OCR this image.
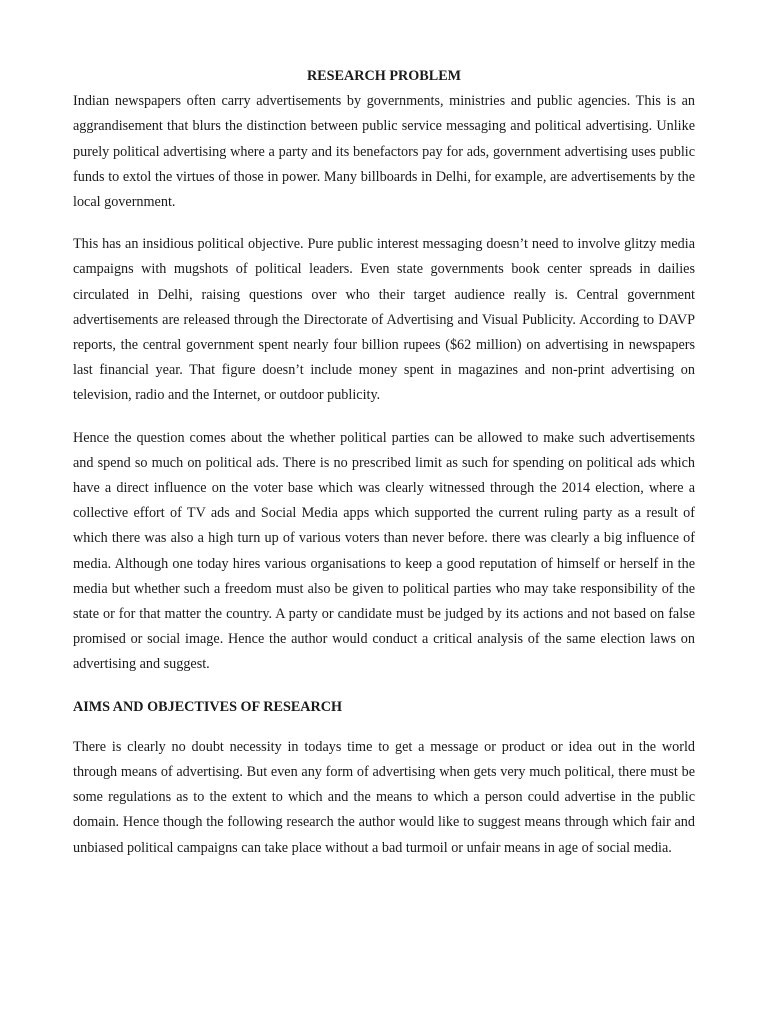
RESEARCH PROBLEM

Indian newspapers often carry advertisements by governments, ministries and public agencies. This is an aggrandisement that blurs the distinction between public service messaging and political advertising. Unlike purely political advertising where a party and its benefactors pay for ads, government advertising uses public funds to extol the virtues of those in power. Many billboards in Delhi, for example, are advertisements by the local government.

This has an insidious political objective. Pure public interest messaging doesn’t need to involve glitzy media campaigns with mugshots of political leaders. Even state governments book center spreads in dailies circulated in Delhi, raising questions over who their target audience really is. Central government advertisements are released through the Directorate of Advertising and Visual Publicity. According to DAVP reports, the central government spent nearly four billion rupees ($62 million) on advertising in newspapers last financial year. That figure doesn’t include money spent in magazines and non-print advertising on television, radio and the Internet, or outdoor publicity.

Hence the question comes about the whether political parties can be allowed to make such advertisements and spend so much on political ads. There is no prescribed limit as such for spending on political ads which have a direct influence on the voter base which was clearly witnessed through the 2014 election, where a collective effort of TV ads and Social Media apps which supported the current ruling party as a result of which there was also a high turn up of various voters than never before. there was clearly a big influence of media. Although one today hires various organisations to keep a good reputation of himself or herself in the media but whether such a freedom must also be given to political parties who may take responsibility of the state or for that matter the country. A party or candidate must be judged by its actions and not based on false promised or social image. Hence the author would conduct a critical analysis of the same election laws on advertising and suggest.

AIMS AND OBJECTIVES OF RESEARCH

There is clearly no doubt necessity in todays time to get a message or product or idea out in the world through means of advertising. But even any form of advertising when gets very much political, there must be some regulations as to the extent to which and the means to which a person could advertise in the public domain. Hence though the following research the author would like to suggest means through which fair and unbiased political campaigns can take place without a bad turmoil or unfair means in age of social media.
